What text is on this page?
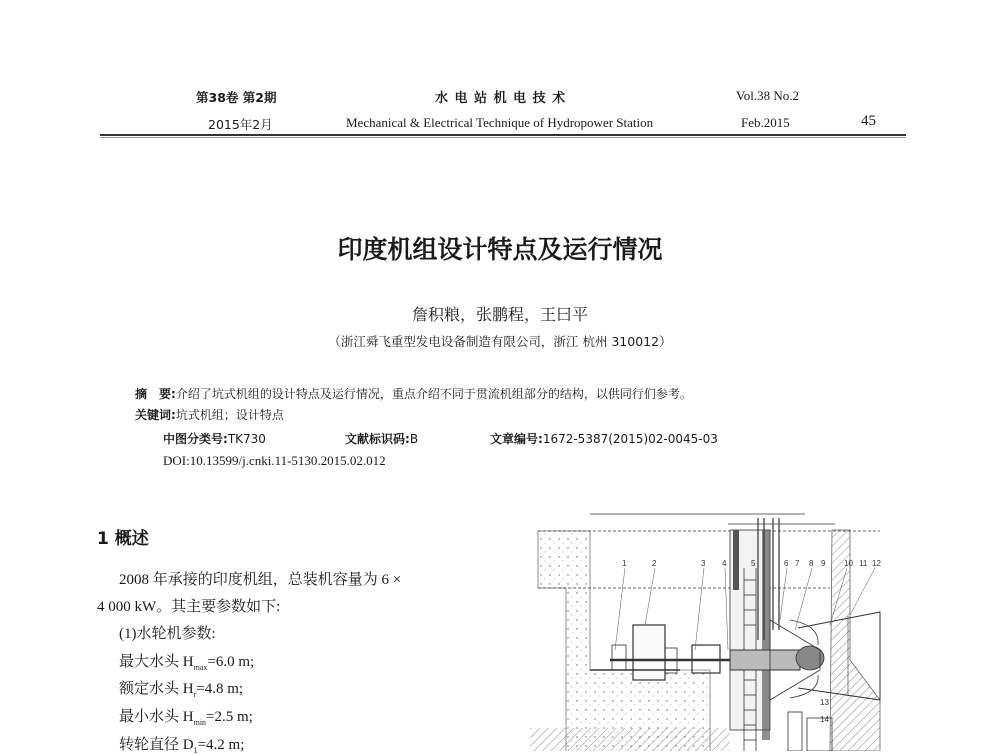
第38卷 第2期	水 电 站 机 电 技 术	Vol.38 No.2
2015年2月	Mechanical & Electrical Technique of Hydropower Station	Feb.2015	45
印度机组设计特点及运行情况
詹积粮，张鹏程，王曰平
（浙江舜飞重型发电设备制造有限公司，浙江 杭州 310012）
摘　要:介绍了坑式机组的设计特点及运行情况，重点介绍不同于贯流机组部分的结构，以供同行们参考。
关键词:坑式机组；设计特点
中图分类号:TK730	文献标识码:B	文章编号:1672-5387(2015)02-0045-03
DOI:10.13599/j.cnki.11-5130.2015.02.012
1 概述
2008 年承接的印度机组，总装机容量为 6 ×
4 000 kW。其主要参数如下:
(1)水轮机参数:
最大水头 $H_{max}=6.0$ m;
额定水头 $H_r=4.8$ m;
最小水头 $H_{min}=2.5$ m;
转轮直径 $D_1=4.2$ m;
1	2	3 4	5	6 7 8 9 10 11 12
13
14
